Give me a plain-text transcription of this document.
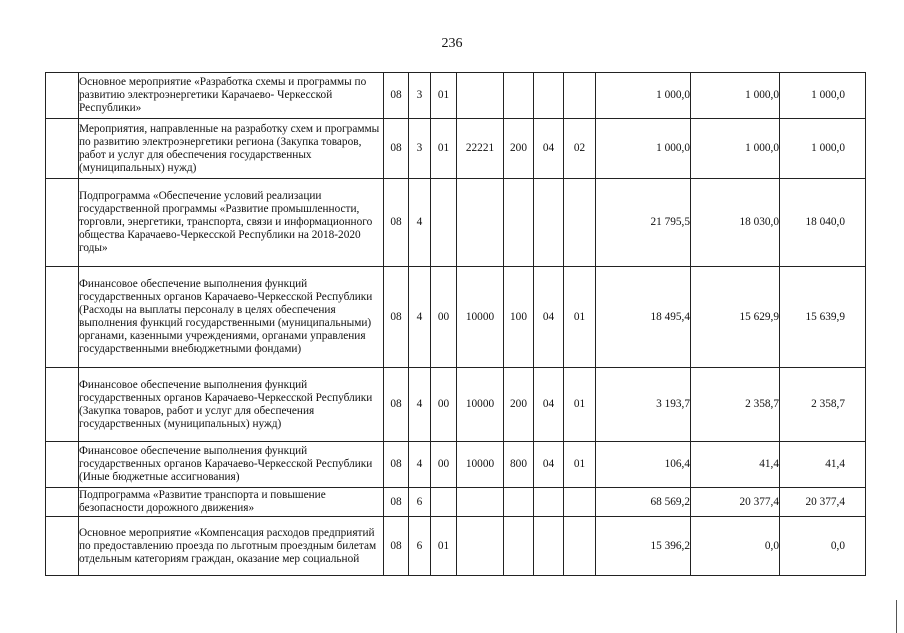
236
	Основное мероприятие «Разработка схемы и программы по развитию электроэнергетики Карачаево- Черкесской Республики»	08	3	01					1 000,0	1 000,0	1 000,0
	Мероприятия, направленные на разработку схем и программы по развитию электроэнергетики региона (Закупка товаров, работ и услуг для обеспечения государственных (муниципальных) нужд)	08	3	01	22221	200	04	02	1 000,0	1 000,0	1 000,0
	Подпрограмма «Обеспечение условий реализации государственной программы «Развитие промышленности, торговли, энергетики, транспорта, связи и информационного общества Карачаево-Черкесской Республики на 2018-2020 годы»	08	4						21 795,5	18 030,0	18 040,0
	Финансовое обеспечение выполнения функций государственных органов Карачаево-Черкесской Республики (Расходы на выплаты персоналу в целях обеспечения выполнения функций государственными (муниципальными) органами, казенными учреждениями, органами управления государственными внебюджетными фондами)	08	4	00	10000	100	04	01	18 495,4	15 629,9	15 639,9
	Финансовое обеспечение выполнения функций государственных органов Карачаево-Черкесской Республики (Закупка товаров, работ и услуг для обеспечения государственных (муниципальных) нужд)	08	4	00	10000	200	04	01	3 193,7	2 358,7	2 358,7
	Финансовое обеспечение выполнения функций государственных органов Карачаево-Черкесской Республики (Иные бюджетные ассигнования)	08	4	00	10000	800	04	01	106,4	41,4	41,4
	Подпрограмма «Развитие транспорта и повышение безопасности дорожного движения»	08	6						68 569,2	20 377,4	20 377,4
	Основное мероприятие «Компенсация расходов предприятий по предоставлению проезда по льготным проездным билетам отдельным категориям граждан, оказание мер социальной	08	6	01					15 396,2	0,0	0,0
